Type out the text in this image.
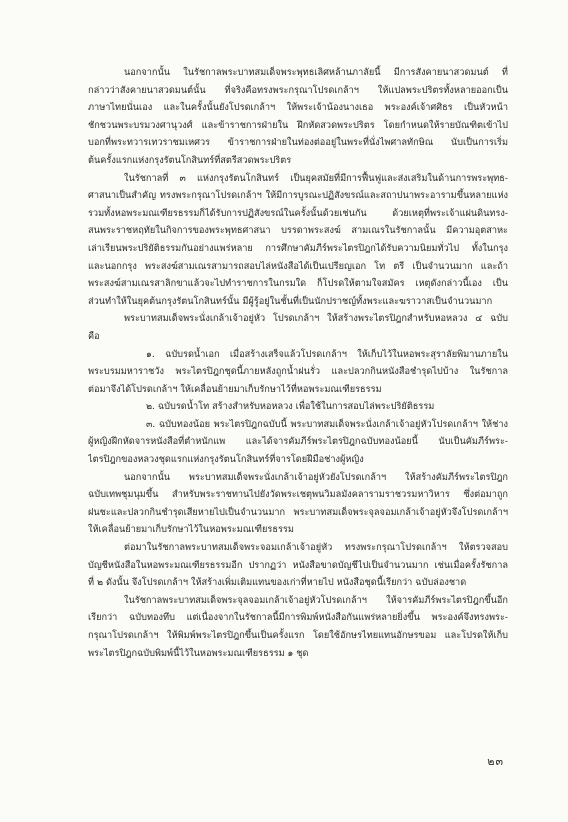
นอกจากนั้น ในรัชกาลพระบาทสมเด็จพระพุทธเลิศหล้านภาลัยนี้ มีการสังคายนาสวดมนต์ ที่
กล่าวว่าสังคายนาสวดมนต์นั้น ที่จริงคือทรงพระกรุณาโปรดเกล้าฯ ให้แปลพระปริตรทั้งหลายออกเป็น
ภาษาไทยนั่นเอง และในครั้งนั้นยังโปรดเกล้าฯ ให้พระเจ้าน้องนางเธอ พระองค์เจ้าศศิธร เป็นหัวหน้า
ชักชวนพระบรมวงศานุวงศ์ และข้าราชการฝ่ายใน ฝึกหัดสวดพระปริตร โดยกำหนดให้รายบัณฑิตเข้าไป
บอกที่พระทวารเทวราชมเหศวร ข้าราชการฝ่ายในท่องต่ออยู่ในพระที่นั่งไพศาลทักษิณ นับเป็นการเริ่ม
ต้นครั้งแรกแห่งกรุงรัตนโกสินทร์ที่สตรีสวดพระปริตร

ในรัชกาลที่ ๓ แห่งกรุงรัตนโกสินทร์ เป็นยุคสมัยที่มีการฟื้นฟูและส่งเสริมในด้านการพระพุทธ-
ศาสนาเป็นสำคัญ ทรงพระกรุณาโปรดเกล้าฯ ให้มีการบูรณะปฏิสังขรณ์และสถาปนาพระอารามขึ้นหลายแห่ง
รวมทั้งหอพระมณเฑียรธรรมก็ได้รับการปฏิสังขรณ์ในครั้งนั้นด้วยเช่นกัน ด้วยเหตุที่พระเจ้าแผ่นดินทรง-
สนพระราชหฤทัยในกิจการของพระพุทธศาสนา บรรดาพระสงฆ์ สามเณรในรัชกาลนั้น มีความอุตสาหะ
เล่าเรียนพระปริยัติธรรมกันอย่างแพร่หลาย การศึกษาคัมภีร์พระไตรปิฎกได้รับความนิยมทั่วไป ทั้งในกรุง
และนอกกรุง พระสงฆ์สามเณรสามารถสอบไล่หนังสือได้เป็นเปรียญเอก โท ตรี เป็นจำนวนมาก และถ้า
พระสงฆ์สามเณรสาลิกขาแล้วจะไปทำราชการในกรมใด ก็โปรดให้ตามใจสมัคร เหตุดังกล่าวนี้เอง เป็น
ส่วนทำให้ในยุคต้นกรุงรัตนโกสินทร์นั้น มีผู้รู้อยู่ในชั้นที่เป็นนักปราชญ์ทั้งพระและฆราวาสเป็นจำนวนมาก

พระบาทสมเด็จพระนั่งเกล้าเจ้าอยู่หัว โปรดเกล้าฯ ให้สร้างพระไตรปิฎกสำหรับหอหลวง ๔ ฉบับ
คือ

๑. ฉบับรดน้ำเอก เมื่อสร้างเสร็จแล้วโปรดเกล้าฯ ให้เก็บไว้ในหอพระสุราลัยพิมานภายใน
พระบรมมหาราชวัง พระไตรปิฎกชุดนี้ภายหลังถูกน้ำฝนรั่ว และปลวกกินหนังสือชำรุดไปบ้าง ในรัชกาล
ต่อมาจึงได้โปรดเกล้าฯ ให้เคลื่อนย้ายมาเก็บรักษาไว้ที่หอพระมณเฑียรธรรม

๒. ฉบับรดน้ำโท สร้างสำหรับหอหลวง เพื่อใช้ในการสอบไล่พระปริยัติธรรม

๓. ฉบับทองน้อย พระไตรปิฎกฉบับนี้ พระบาทสมเด็จพระนั่งเกล้าเจ้าอยู่หัวโปรดเกล้าฯ ให้ช่าง
ผู้หญิงฝึกหัดจารหนังสือที่ตำหนักแพ และได้จารคัมภีร์พระไตรปิฎกฉบับทองน้อยนี้ นับเป็นคัมภีร์พระ-
ไตรปิฎกของหลวงชุดแรกแห่งกรุงรัตนโกสินทร์ที่จารโดยฝีมือช่างผู้หญิง

นอกจากนั้น พระบาทสมเด็จพระนั่งเกล้าเจ้าอยู่หัวยังโปรดเกล้าฯ ให้สร้างคัมภีร์พระไตรปิฎก
ฉบับเทพชุมนุมขึ้น สำหรับพระราชทานไปยังวัดพระเชตุพนวิมลมังคลารามราชวรมหาวิหาร ซึ่งต่อมาถูก
ฝนชะและปลวกกินชำรุดเสียหายไปเป็นจำนวนมาก พระบาทสมเด็จพระจุลจอมเกล้าเจ้าอยู่หัวจึงโปรดเกล้าฯ
ให้เคลื่อนย้ายมาเก็บรักษาไว้ในหอพระมณเฑียรธรรม

ต่อมาในรัชกาลพระบาทสมเด็จพระจอมเกล้าเจ้าอยู่หัว ทรงพระกรุณาโปรดเกล้าฯ ให้ตรวจสอบ
บัญชีหนังสือในหอพระมณเฑียรธรรมอีก ปรากฏว่า หนังสือขาดบัญชีไปเป็นจำนวนมาก เช่นเมื่อครั้งรัชกาล
ที่ ๒ ดังนั้น จึงโปรดเกล้าฯ ให้สร้างเพิ่มเติมแทนของเก่าที่หายไป หนังสือชุดนี้เรียกว่า ฉบับล่องชาด

ในรัชกาลพระบาทสมเด็จพระจุลจอมเกล้าเจ้าอยู่หัวโปรดเกล้าฯ ให้จารคัมภีร์พระไตรปิฎกขึ้นอีก
เรียกว่า ฉบับทองทึบ แต่เนื่องจากในรัชกาลนี้มีการพิมพ์หนังสือกันแพร่หลายยิ่งขึ้น พระองค์จึงทรงพระ-
กรุณาโปรดเกล้าฯ ให้พิมพ์พระไตรปิฎกขึ้นเป็นครั้งแรก โดยใช้อักษรไทยแทนอักษรขอม และโปรดให้เก็บ
พระไตรปิฎกฉบับพิมพ์นี้ไว้ในหอพระมณเฑียรธรรม ๑ ชุด

๒๓
